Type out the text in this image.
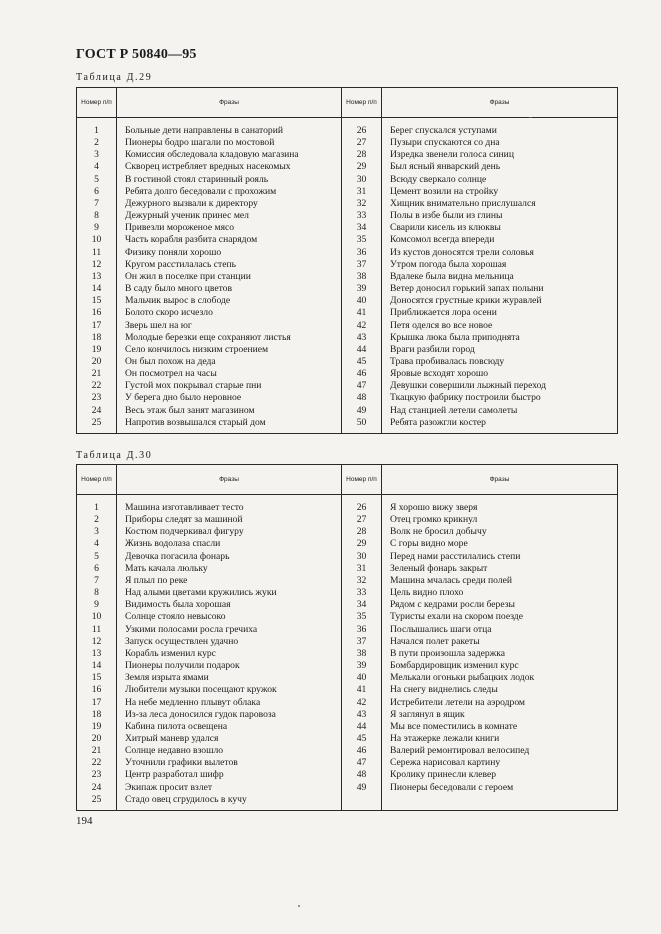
ГОСТ Р 50840—95
Таблица Д.29
Номер п/п	Фразы	Номер п/п	Фразы

1	Больные дети направлены в санаторий	26	Берег спускался уступами
2	Пионеры бодро шагали по мостовой	27	Пузыри спускаются со дна
3	Комиссия обследовала кладовую магазина	28	Изредка звенели голоса синиц
4	Скворец истребляет вредных насекомых	29	Был ясный январский день
5	В гостиной стоял старинный рояль	30	Всюду сверкало солнце
6	Ребята долго беседовали с прохожим	31	Цемент возили на стройку
7	Дежурного вызвали к директору	32	Хищник внимательно прислушался
8	Дежурный ученик принес мел	33	Полы в избе были из глины
9	Привезли мороженое мясо	34	Сварили кисель из клюквы
10	Часть корабля разбита снарядом	35	Комсомол всегда впереди
11	Физику поняли хорошо	36	Из кустов доносятся трели соловья
12	Кругом расстилалась степь	37	Утром погода была хорошая
13	Он жил в поселке при станции	38	Вдалеке была видна мельница
14	В саду было много цветов	39	Ветер доносил горький запах полыни
15	Мальчик вырос в слободе	40	Доносятся грустные крики журавлей
16	Болото скоро исчезло	41	Приближается лора осени
17	Зверь шел на юг	42	Петя оделся во все новое
18	Молодые березки еще сохраняют листья	43	Крышка люка была приподнята
19	Село кончилось низким строением	44	Враги разбили город
20	Он был похож на деда	45	Трава пробивалась повсюду
21	Он посмотрел на часы	46	Яровые всходят хорошо
22	Густой мох покрывал старые пни	47	Девушки совершили лыжный переход
23	У берега дно было неровное	48	Ткацкую фабрику построили быстро
24	Весь этаж был занят магазином	49	Над станцией летели самолеты
25	Напротив возвышался старый дом	50	Ребята разожгли костер

Таблица Д.30
Номер п/п	Фразы	Номер п/п	Фразы

1	Машина изготавливает тесто	26	Я хорошо вижу зверя
2	Приборы следят за машиной	27	Отец громко крикнул
3	Костюм подчеркивал фигуру	28	Волк не бросил добычу
4	Жизнь водолаза спасли	29	С горы видно море
5	Девочка погасила фонарь	30	Перед нами расстилались степи
6	Мать качала люльку	31	Зеленый фонарь закрыт
7	Я плыл по реке	32	Машина мчалась среди полей
8	Над алыми цветами кружились жуки	33	Цель видно плохо
9	Видимость была хорошая	34	Рядом с кедрами росли березы
10	Солнце стояло невысоко	35	Туристы ехали на скором поезде
11	Узкими полосами росла гречиха	36	Послышались шаги отца
12	Запуск осуществлен удачно	37	Начался полет ракеты
13	Корабль изменил курс	38	В пути произошла задержка
14	Пионеры получили подарок	39	Бомбардировщик изменил курс
15	Земля изрыта ямами	40	Мелькали огоньки рыбацких лодок
16	Любители музыки посещают кружок	41	На снегу виднелись следы
17	На небе медленно плывут облака	42	Истребители летели на аэродром
18	Из-за леса доносился гудок паровоза	43	Я заглянул в ящик
19	Кабина пилота освещена	44	Мы все поместились в комнате
20	Хитрый маневр удался	45	На этажерке лежали книги
21	Солнце недавно взошло	46	Валерий ремонтировал велосипед
22	Уточнили графики вылетов	47	Сережа нарисовал картину
23	Центр разработал шифр	48	Кролику принесли клевер
24	Экипаж просит взлет	49	Пионеры беседовали с героем
25	Стадо овец сгрудилось в кучу		

194
